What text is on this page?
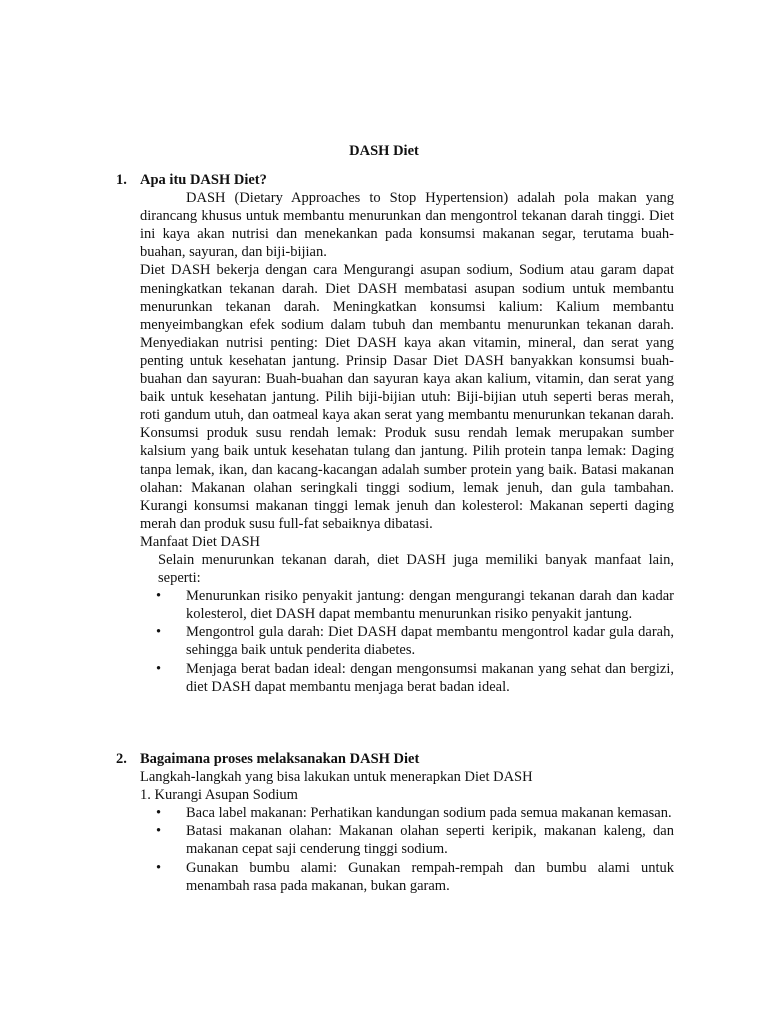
DASH Diet
1. Apa itu DASH Diet?

DASH (Dietary Approaches to Stop Hypertension) adalah pola makan yang dirancang khusus untuk membantu menurunkan dan mengontrol tekanan darah tinggi. Diet ini kaya akan nutrisi dan menekankan pada konsumsi makanan segar, terutama buah-buahan, sayuran, dan biji-bijian.

Diet DASH bekerja dengan cara Mengurangi asupan sodium, Sodium atau garam dapat meningkatkan tekanan darah. Diet DASH membatasi asupan sodium untuk membantu menurunkan tekanan darah. Meningkatkan konsumsi kalium: Kalium membantu menyeimbangkan efek sodium dalam tubuh dan membantu menurunkan tekanan darah. Menyediakan nutrisi penting: Diet DASH kaya akan vitamin, mineral, dan serat yang penting untuk kesehatan jantung. Prinsip Dasar Diet DASH banyakkan konsumsi buah-buahan dan sayuran: Buah-buahan dan sayuran kaya akan kalium, vitamin, dan serat yang baik untuk kesehatan jantung. Pilih biji-bijian utuh: Biji-bijian utuh seperti beras merah, roti gandum utuh, dan oatmeal kaya akan serat yang membantu menurunkan tekanan darah. Konsumsi produk susu rendah lemak: Produk susu rendah lemak merupakan sumber kalsium yang baik untuk kesehatan tulang dan jantung. Pilih protein tanpa lemak: Daging tanpa lemak, ikan, dan kacang-kacangan adalah sumber protein yang baik. Batasi makanan olahan: Makanan olahan seringkali tinggi sodium, lemak jenuh, dan gula tambahan. Kurangi konsumsi makanan tinggi lemak jenuh dan kolesterol: Makanan seperti daging merah dan produk susu full-fat sebaiknya dibatasi.

Manfaat Diet DASH

Selain menurunkan tekanan darah, diet DASH juga memiliki banyak manfaat lain, seperti:

•	Menurunkan risiko penyakit jantung: dengan mengurangi tekanan darah dan kadar kolesterol, diet DASH dapat membantu menurunkan risiko penyakit jantung.
•	Mengontrol gula darah: Diet DASH dapat membantu mengontrol kadar gula darah, sehingga baik untuk penderita diabetes.
•	Menjaga berat badan ideal: dengan mengonsumsi makanan yang sehat dan bergizi, diet DASH dapat membantu menjaga berat badan ideal.
2. Bagaimana proses melaksanakan DASH Diet

Langkah-langkah yang bisa lakukan untuk menerapkan Diet DASH

1. Kurangi Asupan Sodium

•	Baca label makanan: Perhatikan kandungan sodium pada semua makanan kemasan.
•	Batasi makanan olahan: Makanan olahan seperti keripik, makanan kaleng, dan makanan cepat saji cenderung tinggi sodium.
•	Gunakan bumbu alami: Gunakan rempah-rempah dan bumbu alami untuk menambah rasa pada makanan, bukan garam.
